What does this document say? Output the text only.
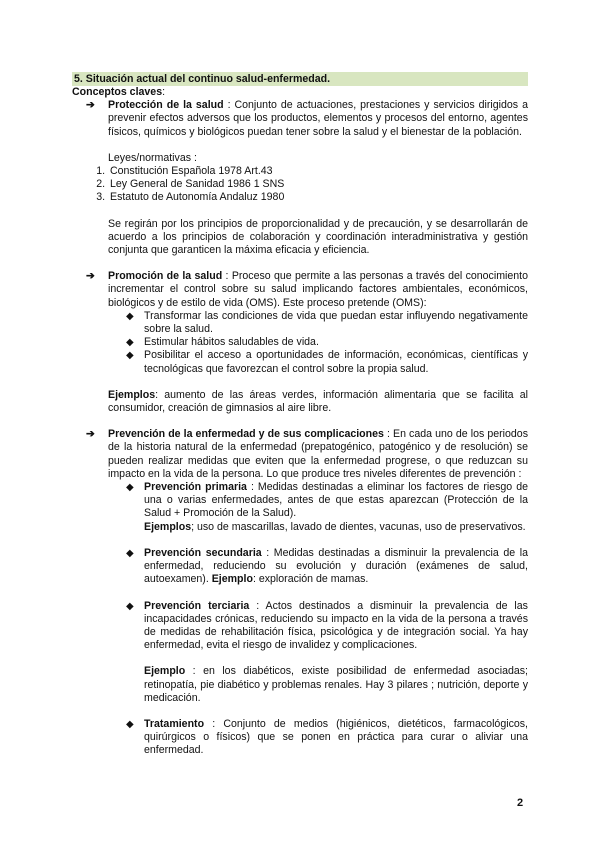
5. Situación actual del continuo salud-enfermedad.
Conceptos claves:
➔ Protección de la salud : Conjunto de actuaciones, prestaciones y servicios dirigidos a prevenir efectos adversos que los productos, elementos y procesos del entorno, agentes físicos, químicos y biológicos puedan tener sobre la salud y el bienestar de la población.
Leyes/normativas :
1. Constitución Española 1978 Art.43
2. Ley General de Sanidad 1986 1 SNS
3. Estatuto de Autonomía Andaluz 1980
Se regirán por los principios de proporcionalidad y de precaución, y se desarrollarán de acuerdo a los principios de colaboración y coordinación interadministrativa y gestión conjunta que garanticen la máxima eficacia y eficiencia.
➔ Promoción de la salud : Proceso que permite a las personas a través del conocimiento incrementar el control sobre su salud implicando factores ambientales, económicos, biológicos y de estilo de vida (OMS). Este proceso pretende (OMS):
◆ Transformar las condiciones de vida que puedan estar influyendo negativamente sobre la salud.
◆ Estimular hábitos saludables de vida.
◆ Posibilitar el acceso a oportunidades de información, económicas, científicas y tecnológicas que favorezcan el control sobre la propia salud.
Ejemplos: aumento de las áreas verdes, información alimentaria que se facilita al consumidor, creación de gimnasios al aire libre.
➔ Prevención de la enfermedad y de sus complicaciones : En cada uno de los periodos de la historia natural de la enfermedad (prepatogénico, patogénico y de resolución) se pueden realizar medidas que eviten que la enfermedad progrese, o que reduzcan su impacto en la vida de la persona. Lo que produce tres niveles diferentes de prevención :
◆ Prevención primaria : Medidas destinadas a eliminar los factores de riesgo de una o varias enfermedades, antes de que estas aparezcan (Protección de la Salud + Promoción de la Salud).
Ejemplos; uso de mascarillas, lavado de dientes, vacunas, uso de preservativos.
◆ Prevención secundaria : Medidas destinadas a disminuir la prevalencia de la enfermedad, reduciendo su evolución y duración (exámenes de salud, autoexamen). Ejemplo: exploración de mamas.
◆ Prevención terciaria : Actos destinados a disminuir la prevalencia de las incapacidades crónicas, reduciendo su impacto en la vida de la persona a través de medidas de rehabilitación física, psicológica y de integración social. Ya hay enfermedad, evita el riesgo de invalidez y complicaciones.
Ejemplo : en los diabéticos, existe posibilidad de enfermedad asociadas; retinopatía, pie diabético y problemas renales. Hay 3 pilares ; nutrición, deporte y medicación.
◆ Tratamiento : Conjunto de medios (higiénicos, dietéticos, farmacológicos, quirúrgicos o físicos) que se ponen en práctica para curar o aliviar una enfermedad.
2
